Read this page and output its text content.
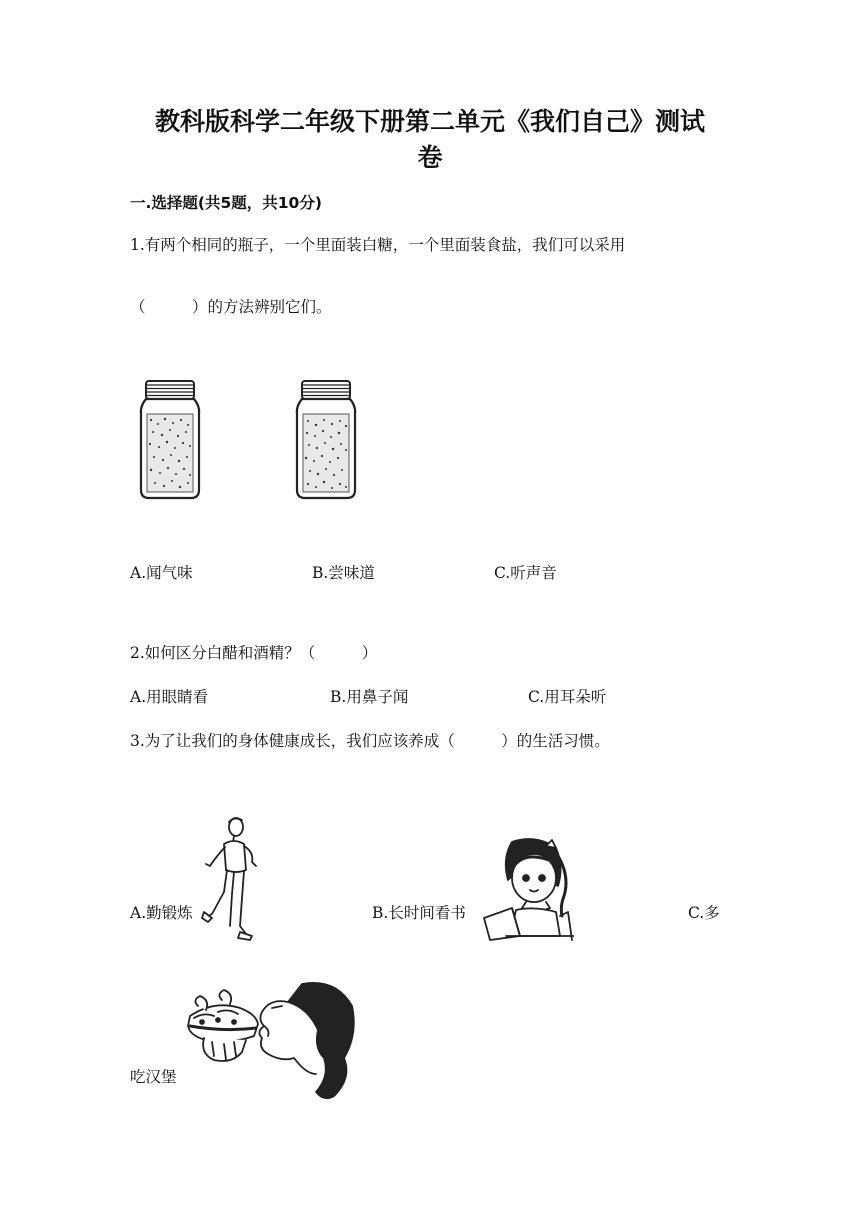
教科版科学二年级下册第二单元《我们自己》测试
卷
一.选择题(共5题，共10分)
1.有两个相同的瓶子，一个里面装白糖，一个里面装食盐，我们可以采用
（　　　）的方法辨别它们。
A.闻气味	B.尝味道	C.听声音
2.如何区分白醋和酒精？（　　　）
A.用眼睛看	B.用鼻子闻	C.用耳朵听
3.为了让我们的身体健康成长，我们应该养成（　　　）的生活习惯。
A.勤锻炼	B.长时间看书	C.多
吃汉堡
